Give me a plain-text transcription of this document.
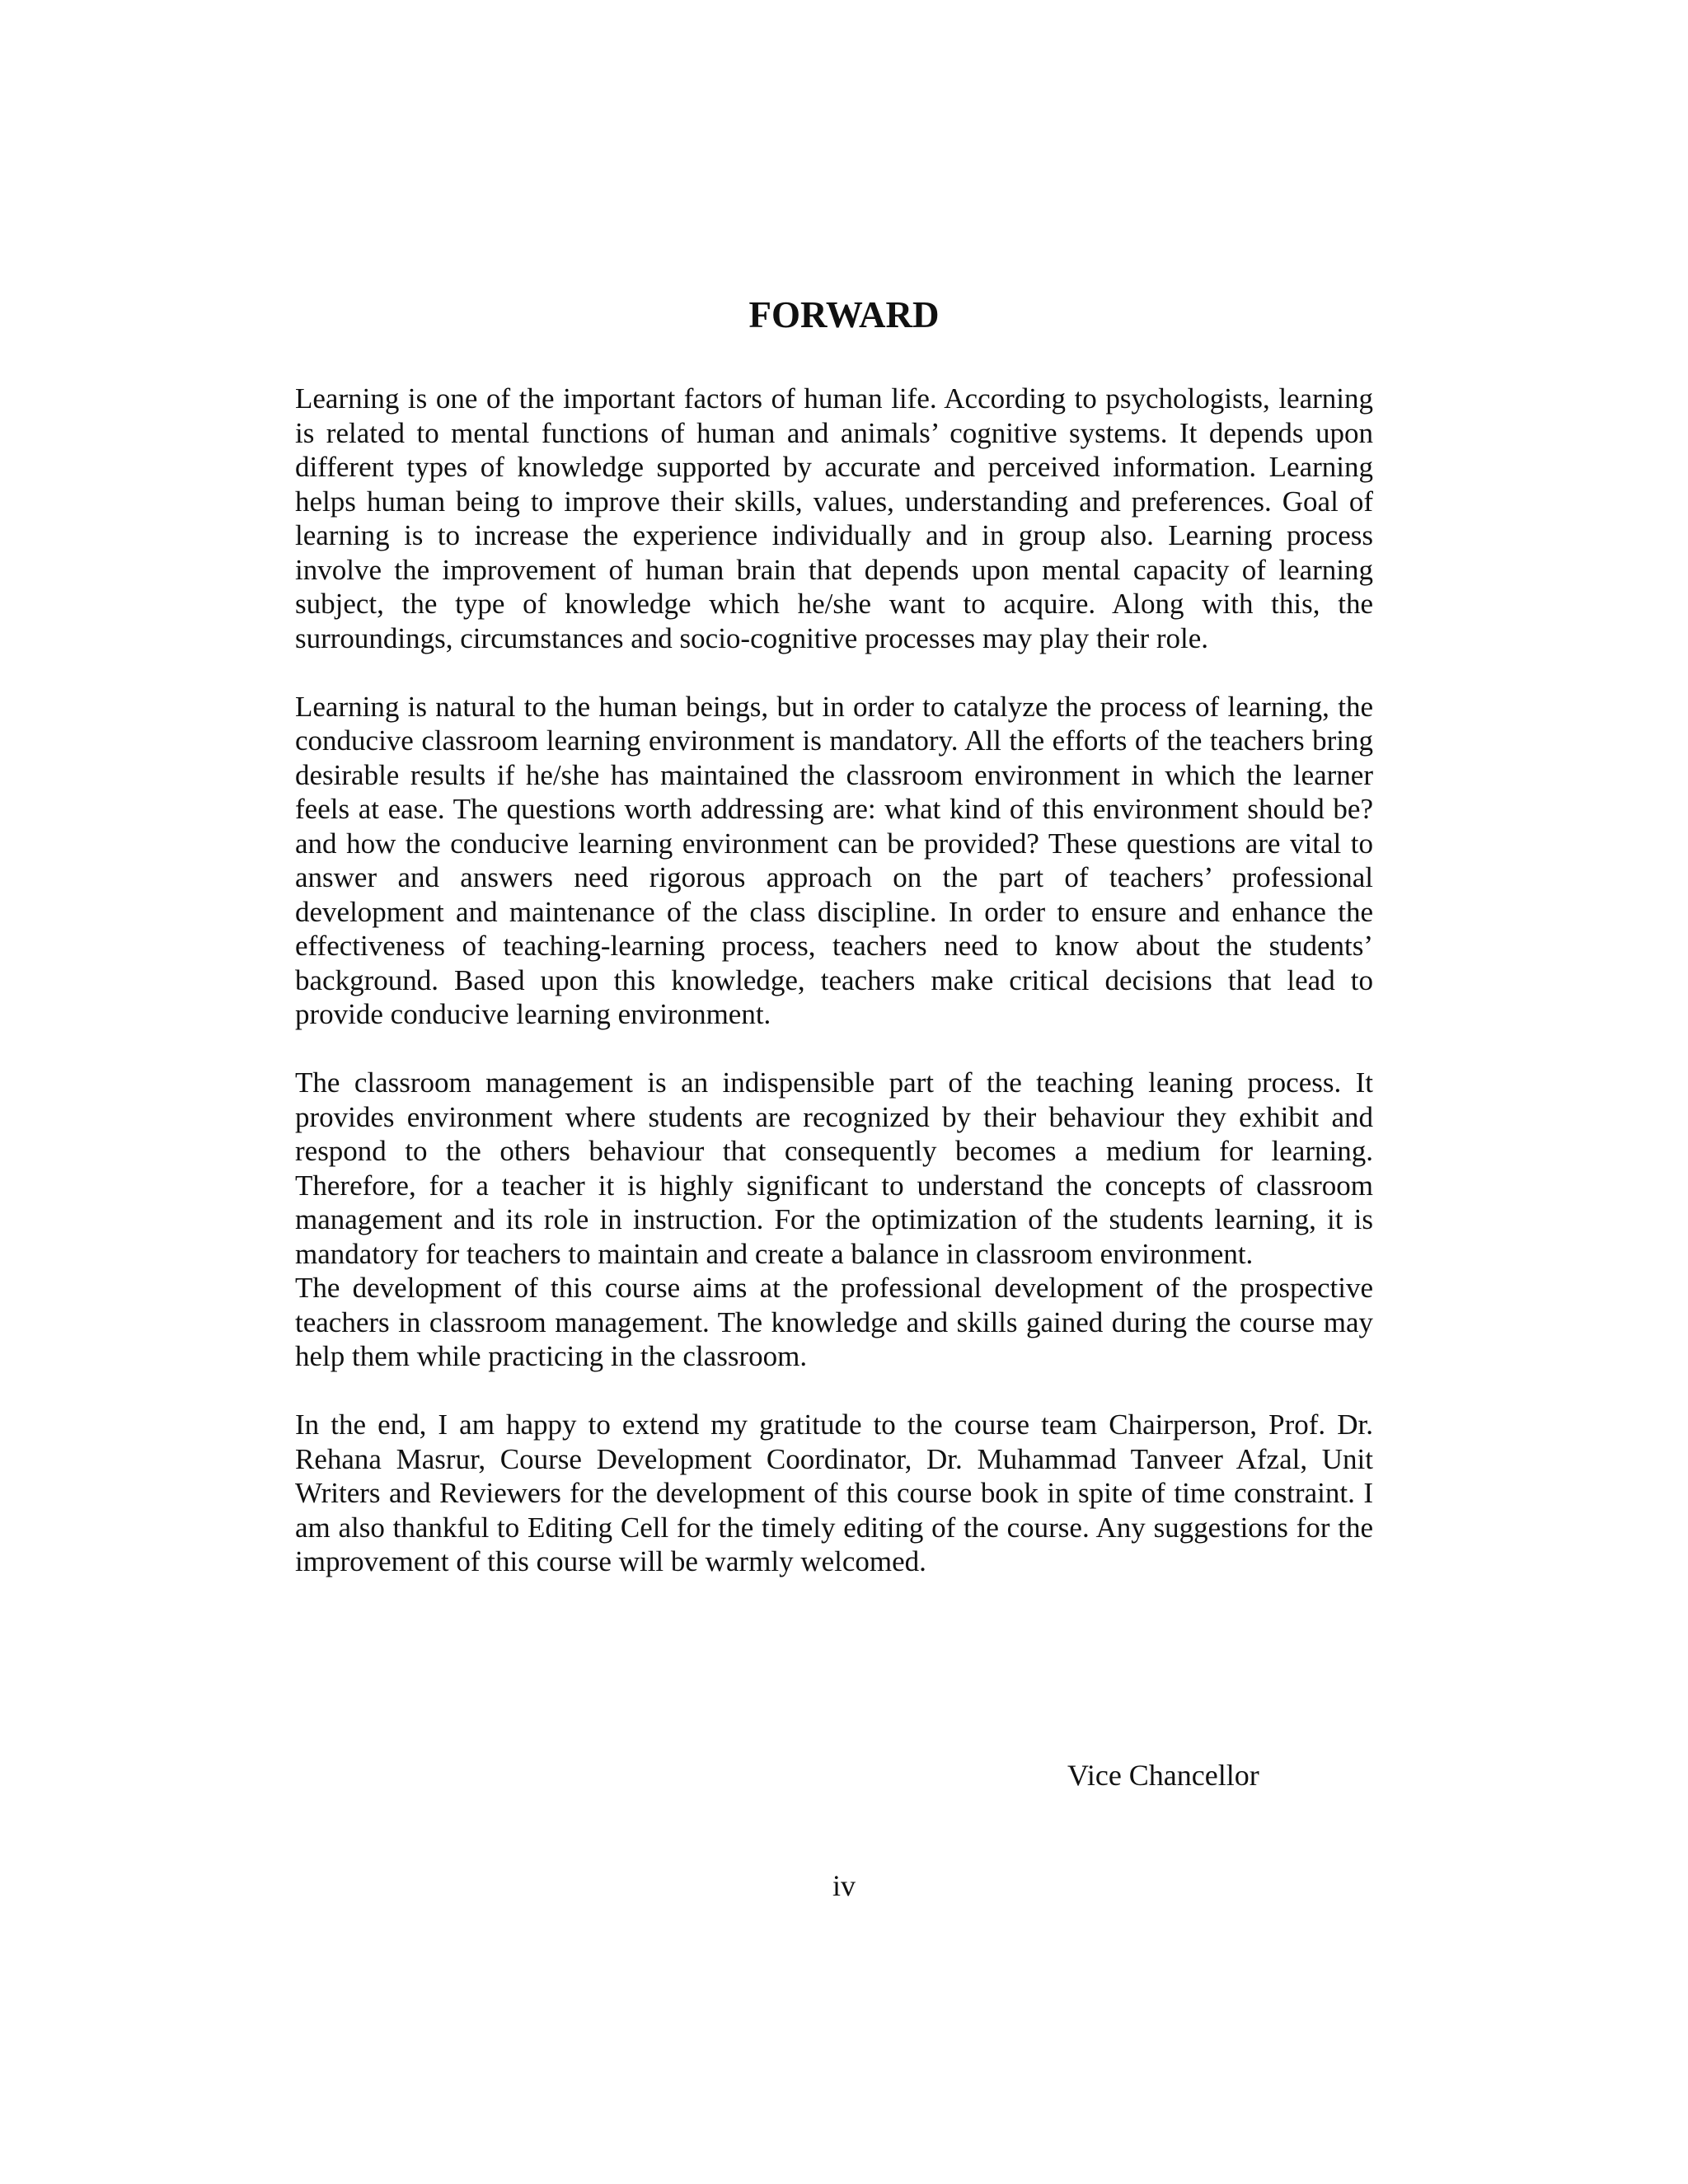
FORWARD

Learning is one of the important factors of human life. According to psychologists, learning is related to mental functions of human and animals’ cognitive systems. It depends upon different types of knowledge supported by accurate and perceived information. Learning helps human being to improve their skills, values, understanding and preferences. Goal of learning is to increase the experience individually and in group also. Learning process involve the improvement of human brain that depends upon mental capacity of learning subject, the type of knowledge which he/she want to acquire. Along with this, the surroundings, circumstances and socio-cognitive processes may play their role.

Learning is natural to the human beings, but in order to catalyze the process of learning, the conducive classroom learning environment is mandatory. All the efforts of the teachers bring desirable results if he/she has maintained the classroom environment in which the learner feels at ease. The questions worth addressing are: what kind of this environment should be? and how the conducive learning environment can be provided? These questions are vital to answer and answers need rigorous approach on the part of teachers’ professional development and maintenance of the class discipline. In order to ensure and enhance the effectiveness of teaching-learning process, teachers need to know about the students’ background. Based upon this knowledge, teachers make critical decisions that lead to provide conducive learning environment.

The classroom management is an indispensible part of the teaching leaning process. It provides environment where students are recognized by their behaviour they exhibit and respond to the others behaviour that consequently becomes a medium for learning. Therefore, for a teacher it is highly significant to understand the concepts of classroom management and its role in instruction. For the optimization of the students learning, it is mandatory for teachers to maintain and create a balance in classroom environment.

The development of this course aims at the professional development of the prospective teachers in classroom management. The knowledge and skills gained during the course may help them while practicing in the classroom.

In the end, I am happy to extend my gratitude to the course team Chairperson, Prof. Dr. Rehana Masrur, Course Development Coordinator, Dr. Muhammad Tanveer Afzal, Unit Writers and Reviewers for the development of this course book in spite of time constraint. I am also thankful to Editing Cell for the timely editing of the course. Any suggestions for the improvement of this course will be warmly welcomed.

Vice Chancellor
iv
